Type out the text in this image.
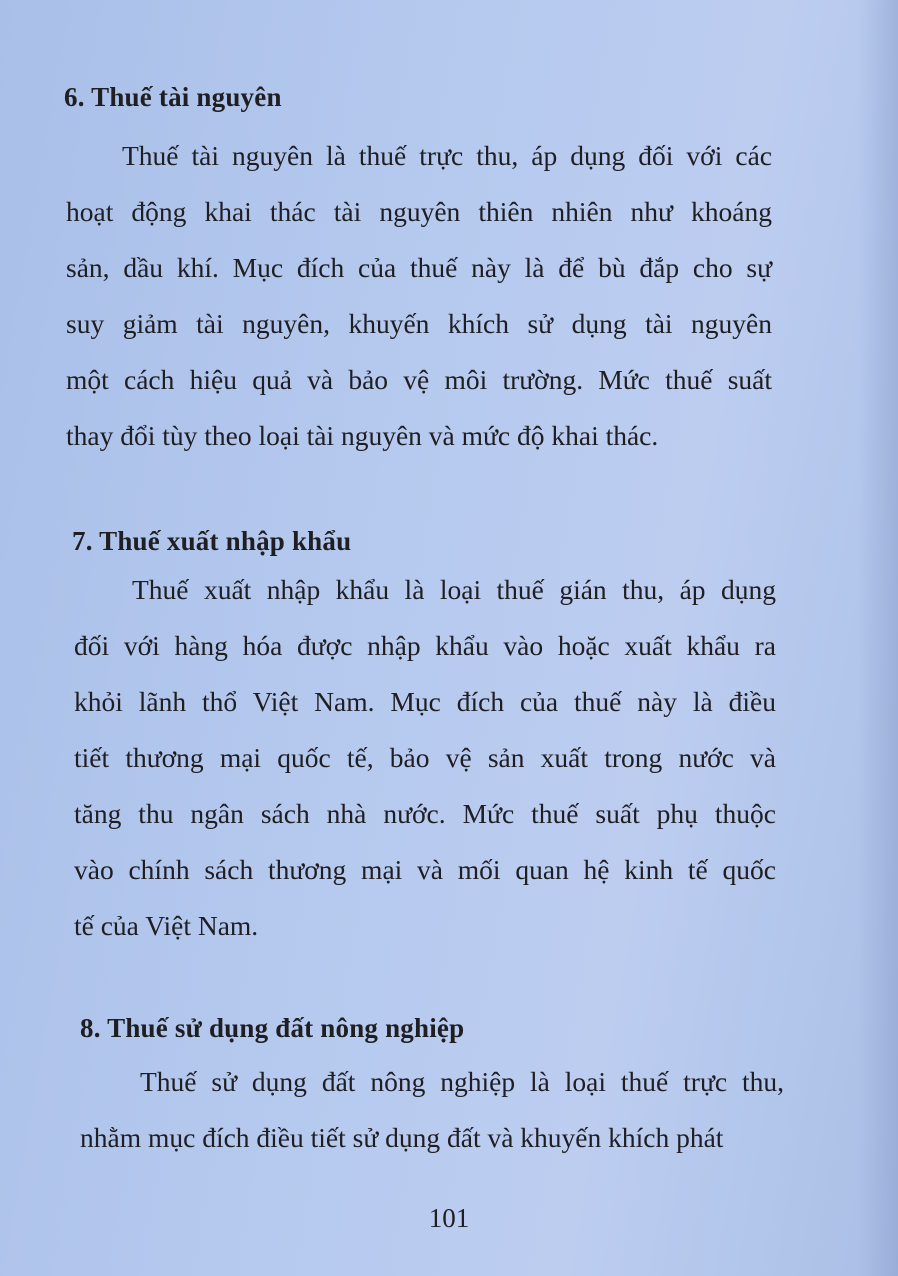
6. Thuế tài nguyên
Thuế tài nguyên là thuế trực thu, áp dụng đối với các
hoạt động khai thác tài nguyên thiên nhiên như khoáng
sản, dầu khí. Mục đích của thuế này là để bù đắp cho sự
suy giảm tài nguyên, khuyến khích sử dụng tài nguyên
một cách hiệu quả và bảo vệ môi trường. Mức thuế suất
thay đổi tùy theo loại tài nguyên và mức độ khai thác.
7. Thuế xuất nhập khẩu
Thuế xuất nhập khẩu là loại thuế gián thu, áp dụng
đối với hàng hóa được nhập khẩu vào hoặc xuất khẩu ra
khỏi lãnh thổ Việt Nam. Mục đích của thuế này là điều
tiết thương mại quốc tế, bảo vệ sản xuất trong nước và
tăng thu ngân sách nhà nước. Mức thuế suất phụ thuộc
vào chính sách thương mại và mối quan hệ kinh tế quốc
tế của Việt Nam.
8. Thuế sử dụng đất nông nghiệp
Thuế sử dụng đất nông nghiệp là loại thuế trực thu,
nhằm mục đích điều tiết sử dụng đất và khuyến khích phát
101
